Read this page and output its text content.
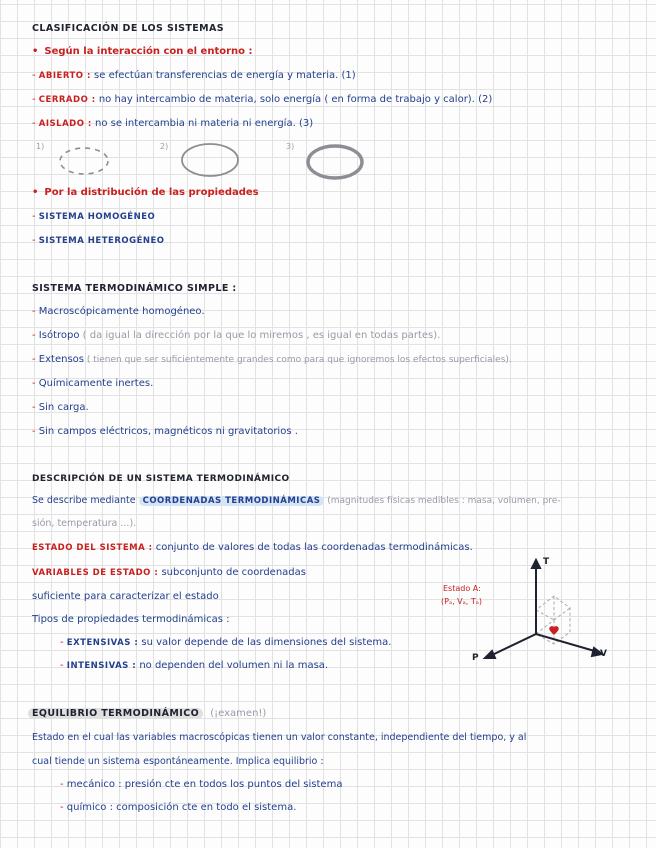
CLASIFICACIÓN DE LOS SISTEMAS
• Según la interacción con el entorno :
- ABIERTO : se efectúan transferencias de energía y materia. (1)
- CERRADO : no hay intercambio de materia, solo energía ( en forma de trabajo y calor). (2)
- AISLADO : no se intercambia ni materia ni energía. (3)
1)	2)	3)
• Por la distribución de las propiedades
- SISTEMA HOMOGÉNEO
- SISTEMA HETEROGÉNEO
SISTEMA TERMODINÁMICO SIMPLE :
- Macroscópicamente homogéneo.
- Isótropo ( da igual la dirección por la que lo miremos , es igual en todas partes).
- Extensos ( tienen que ser suficientemente grandes como para que ignoremos los efectos superficiales).
- Químicamente inertes.
- Sin carga.
- Sin campos eléctricos, magnéticos ni gravitatorios .
DESCRIPCIÓN DE UN SISTEMA TERMODINÁMICO
Se describe mediante COORDENADAS TERMODINÁMICAS (magnitudes físicas medibles : masa, volumen, pre-
sión, temperatura ...).
ESTADO DEL SISTEMA : conjunto de valores de todas las coordenadas termodinámicas.
VARIABLES DE ESTADO : subconjunto de coordenadas
suficiente para caracterizar el estado
Tipos de propiedades termodinámicas :
- EXTENSIVAS : su valor depende de las dimensiones del sistema.
- INTENSIVAS : no dependen del volumen ni la masa.
Estado A:
(Pₐ, Vₐ, Tₐ)
T
P	V
EQUILIBRIO TERMODINÁMICO (¡examen!)
Estado en el cual las variables macroscópicas tienen un valor constante, independiente del tiempo, y al
cual tiende un sistema espontáneamente. Implica equilibrio :
- mecánico : presión cte en todos los puntos del sistema
- químico : composición cte en todo el sistema.
